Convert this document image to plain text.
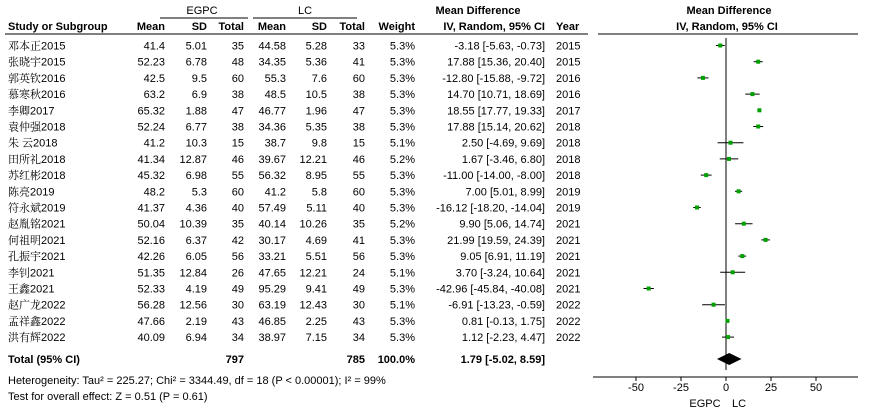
EGPC	LC	Mean Difference	Mean Difference
Study or Subgroup	Mean SD Total Mean SD Total Weight	IV, Random, 95% CI Year	IV, Random, 95% CI
邓本正2015	41.4 5.01 35 44.58 5.28 33 5.3%	-3.18 [-5.63, -0.73] 2015
张晓宇2015	52.23 6.78 48 34.35 5.36 41 5.3%	17.88 [15.36, 20.40] 2015
郭英钦2016	42.5 9.5 60 55.3 7.6 60 5.3% -12.80 [-15.88, -9.72] 2016
慕寒秋2016	63.2 6.9 38 48.5 10.5 38 5.3%	14.70 [10.71, 18.69] 2016
李卿2017	65.32 1.88 47 46.77 1.96 47 5.3%	18.55 [17.77, 19.33] 2017
袁仲强2018	52.24 6.77 38 34.36 5.35 38 5.3%	17.88 [15.14, 20.62] 2018
朱 云2018	41.2 10.3 15 38.7 9.8 15 5.1%	2.50 [-4.69, 9.69] 2018
田所礼2018	41.34 12.87 46 39.67 12.21 46 5.2%	1.67 [-3.46, 6.80] 2018
苏红彬2018	45.32 6.98 55 56.32 8.95 55 5.3%	-11.00 [-14.00, -8.00] 2018
陈亮2019	48.2 5.3 60 41.2 5.8 60 5.3%	7.00 [5.01, 8.99] 2019
符永斌2019	41.37 4.36 40 57.49 5.11 40 5.3% -16.12 [-18.20, -14.04] 2019
赵胤铭2021	50.04 10.39 35 40.14 10.26 35 5.2%	9.90 [5.06, 14.74] 2021
何祖明2021	52.16 6.37 42 30.17 4.69 41 5.3%	21.99 [19.59, 24.39] 2021
孔振宇2021	42.26 6.05 56 33.21 5.51 56 5.3%	9.05 [6.91, 11.19] 2021
李钊2021	51.35 12.84 26 47.65 12.21 24 5.1%	3.70 [-3.24, 10.64] 2021
王鑫2021	52.33 4.19 49 95.29 9.41 49 5.3% -42.96 [-45.84, -40.08] 2021
赵广龙2022	56.28 12.56 30 63.19 12.43 30 5.1%	-6.91 [-13.23, -0.59] 2022
孟祥鑫2022	47.66 2.19 43 46.85 2.25 43 5.3%	0.81 [-0.13, 1.75] 2022
洪有辉2022	40.09 6.94 34 38.97 7.15 34 5.3%	1.12 [-2.23, 4.47] 2022
Total (95% CI)	797	785 100.0%	1.79 [-5.02, 8.59]
Heterogeneity: Tau² = 225.27; Chi² = 3344.49, df = 18 (P < 0.00001); I² = 99%
Test for overall effect: Z = 0.51 (P = 0.61)
-50	-25	0	25	50
EGPC LC
